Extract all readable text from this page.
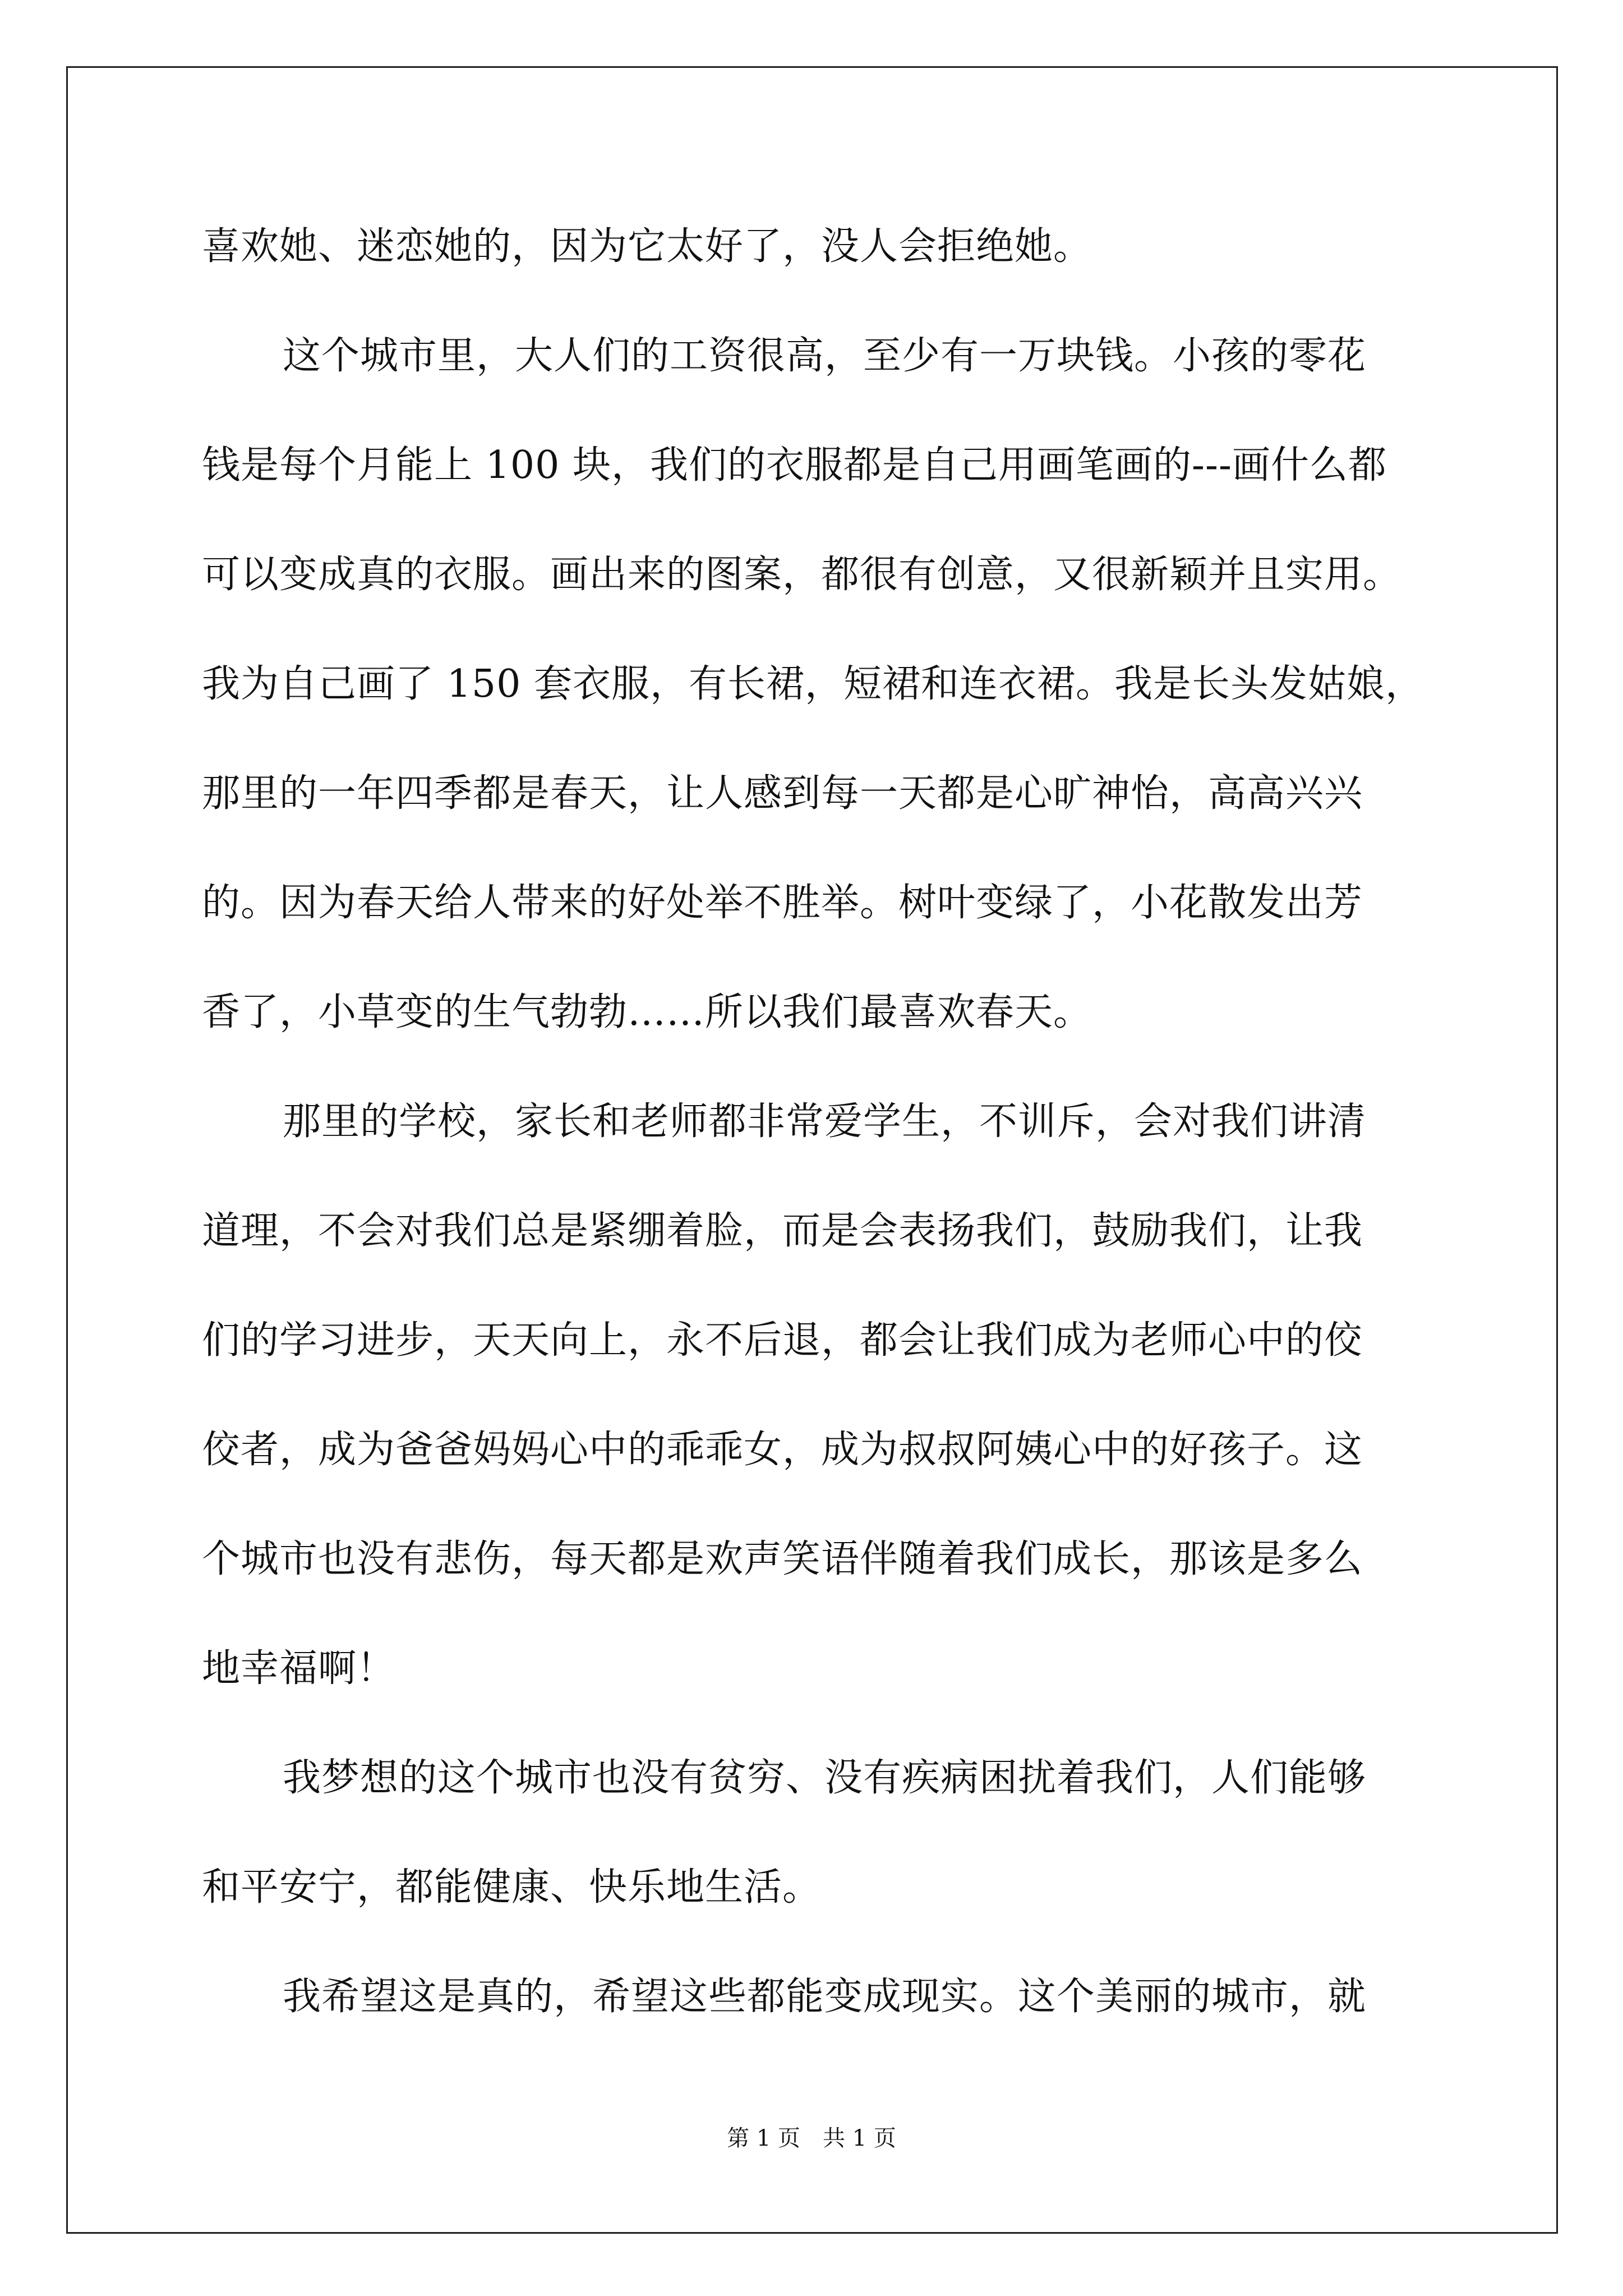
喜欢她、迷恋她的，因为它太好了，没人会拒绝她。
这个城市里，大人们的工资很高，至少有一万块钱。小孩的零花
钱是每个月能上 100 块，我们的衣服都是自己用画笔画的---画什么都
可以变成真的衣服。画出来的图案，都很有创意，又很新颖并且实用。
我为自己画了 150 套衣服，有长裙，短裙和连衣裙。我是长头发姑娘，
那里的一年四季都是春天，让人感到每一天都是心旷神怡，高高兴兴
的。因为春天给人带来的好处举不胜举。树叶变绿了，小花散发出芳
香了，小草变的生气勃勃……所以我们最喜欢春天。
那里的学校，家长和老师都非常爱学生，不训斥，会对我们讲清
道理，不会对我们总是紧绷着脸，而是会表扬我们，鼓励我们，让我
们的学习进步，天天向上，永不后退，都会让我们成为老师心中的佼
佼者，成为爸爸妈妈心中的乖乖女，成为叔叔阿姨心中的好孩子。这
个城市也没有悲伤，每天都是欢声笑语伴随着我们成长，那该是多么
地幸福啊！
我梦想的这个城市也没有贫穷、没有疾病困扰着我们，人们能够
和平安宁，都能健康、快乐地生活。
我希望这是真的，希望这些都能变成现实。这个美丽的城市，就
第 1 页 共 1 页
